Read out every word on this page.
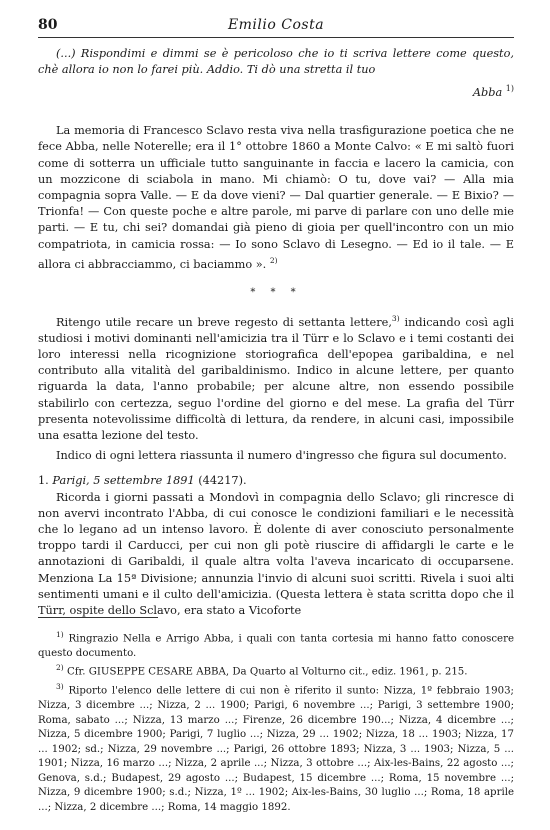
80	Emilio Costa

(...) Rispondimi e dimmi se è pericoloso che io ti scriva lettere come questo, chè allora io non lo farei più. Addio. Ti dò una stretta il tuo

Abba $^{1)}$

La memoria di Francesco Sclavo resta viva nella trasfigurazione poetica che ne fece Abba, nelle Noterelle; era il 1° ottobre 1860 a Monte Calvo: « E mi saltò fuori come di sotterra un ufficiale tutto sanguinante in faccia e lacero la camicia, con un mozzicone di sciabola in mano. Mi chiamò: O tu, dove vai? — Alla mia compagnia sopra Valle. — E da dove vieni? — Dal quartier generale. — E Bixio? — Trionfa! — Con queste poche e altre parole, mi parve di parlare con uno delle mie parti. — E tu, chi sei? domandai già pieno di gioia per quell'incontro con un mio compatriota, in camicia rossa: — Io sono Sclavo di Lesegno. — Ed io il tale. — E allora ci abbracciammo, ci baciammo ». $^{2)}$

* * *

Ritengo utile recare un breve regesto di settanta lettere,$^{3)}$ indicando così agli studiosi i motivi dominanti nell'amicizia tra il Türr e lo Sclavo e i temi costanti dei loro interessi nella ricognizione storiografica dell'epopea garibaldina, e nel contributo alla vitalità del garibaldinismo. Indico in alcune lettere, per quanto riguarda la data, l'anno probabile; per alcune altre, non essendo possibile stabilirlo con certezza, seguo l'ordine del giorno e del mese. La grafia del Türr presenta notevolissime difficoltà di lettura, da rendere, in alcuni casi, impossibile una esatta lezione del testo.

Indico di ogni lettera riassunta il numero d'ingresso che figura sul documento.

1. Parigi, 5 settembre 1891 (44217).

Ricorda i giorni passati a Mondovì in compagnia dello Sclavo; gli rincresce di non avervi incontrato l'Abba, di cui conosce le condizioni familiari e le necessità che lo legano ad un intenso lavoro. È dolente di aver conosciuto personalmente troppo tardi il Carducci, per cui non gli potè riuscire di affidargli le carte e le annotazioni di Garibaldi, il quale altra volta l'aveva incaricato di occuparsene. Menziona La 15ª Divisione; annunzia l'invio di alcuni suoi scritti. Rivela i suoi alti sentimenti umani e il culto dell'amicizia. (Questa lettera è stata scritta dopo che il Türr, ospite dello Sclavo, era stato a Vicoforte

$^{1)}$ Ringrazio Nella e Arrigo Abba, i quali con tanta cortesia mi hanno fatto conoscere questo documento.

$^{2)}$ Cfr. GIUSEPPE CESARE ABBA, Da Quarto al Volturno cit., ediz. 1961, p. 215.

$^{3)}$ Riporto l'elenco delle lettere di cui non è riferito il sunto: Nizza, 1º febbraio 1903; Nizza, 3 dicembre ...; Nizza, 2 ... 1900; Parigi, 6 novembre ...; Parigi, 3 settembre 1900; Roma, sabato ...; Nizza, 13 marzo ...; Firenze, 26 dicembre 190...; Nizza, 4 dicembre ...; Nizza, 5 dicembre 1900; Parigi, 7 luglio ...; Nizza, 29 ... 1902; Nizza, 18 ... 1903; Nizza, 17 ... 1902; sd.; Nizza, 29 novembre ...; Parigi, 26 ottobre 1893; Nizza, 3 ... 1903; Nizza, 5 ... 1901; Nizza, 16 marzo ...; Nizza, 2 aprile ...; Nizza, 3 ottobre ...; Aix-les-Bains, 22 agosto ...; Genova, s.d.; Budapest, 29 agosto ...; Budapest, 15 dicembre ...; Roma, 15 novembre ...; Nizza, 9 dicembre 1900; s.d.; Nizza, 1º ... 1902; Aix-les-Bains, 30 luglio ...; Roma, 18 aprile ...; Nizza, 2 dicembre ...; Roma, 14 maggio 1892.
